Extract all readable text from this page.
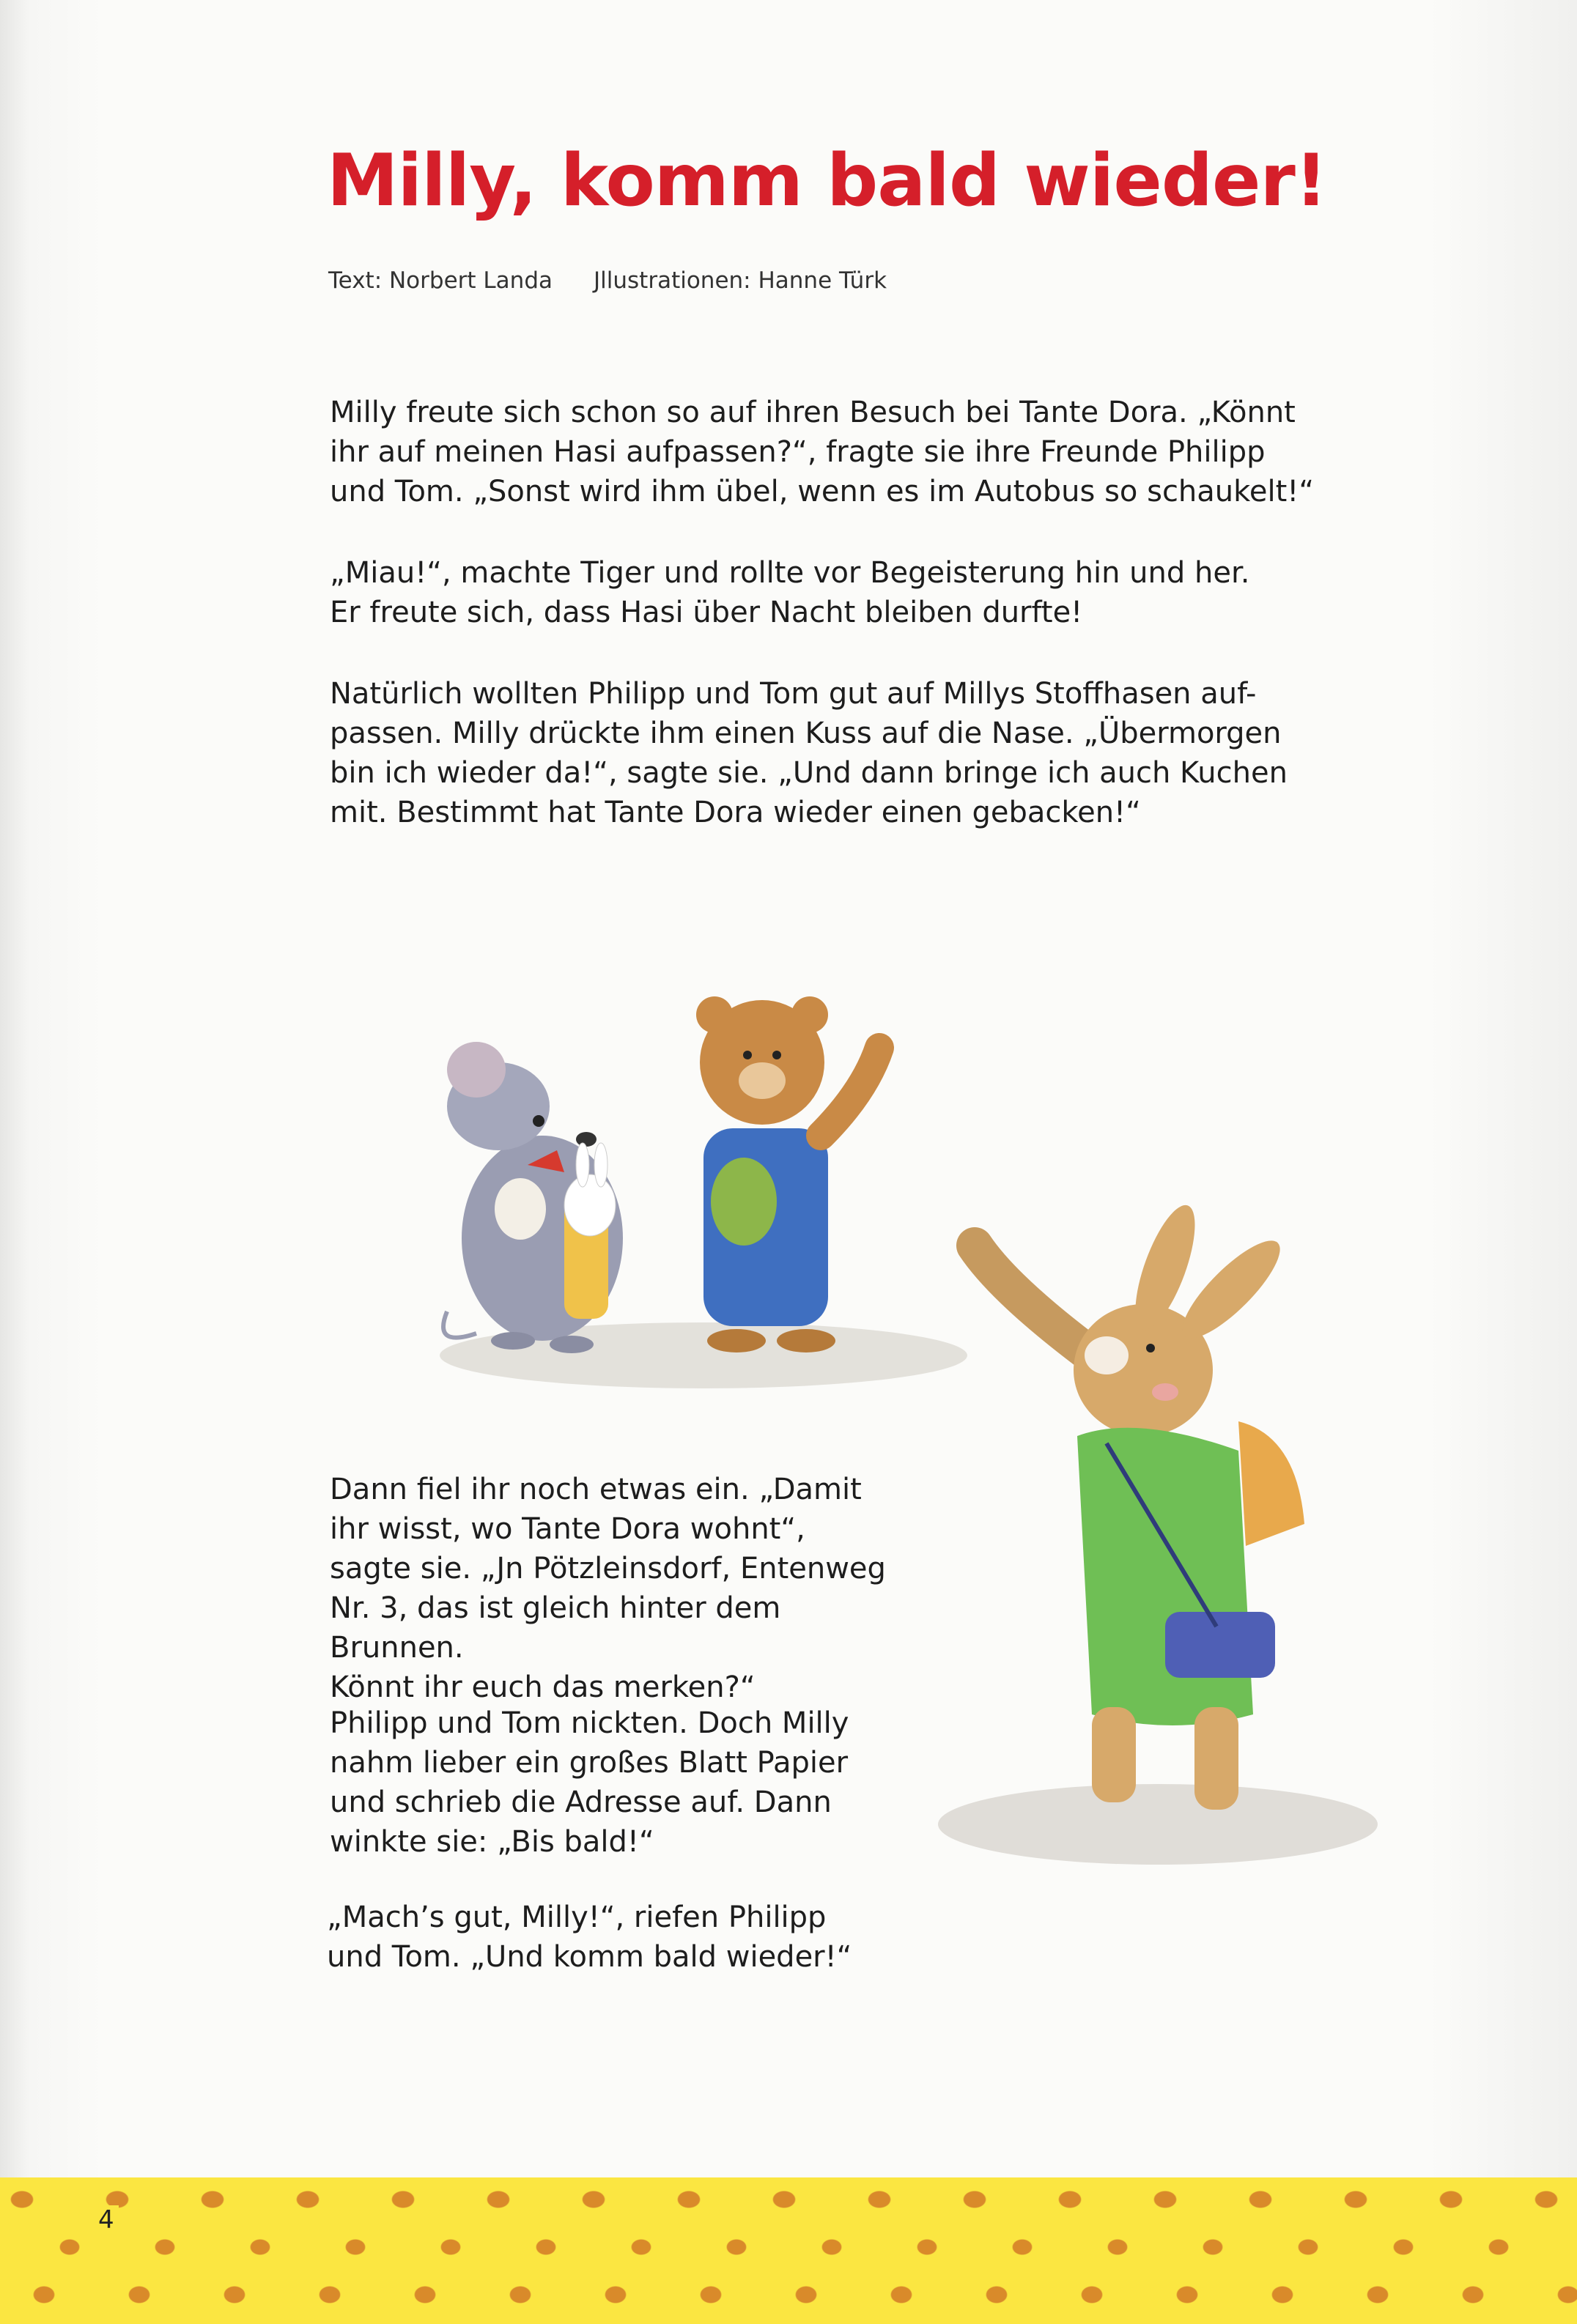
Milly, komm bald wieder!
Text: Norbert Landa Jllustrationen: Hanne Türk

Milly freute sich schon so auf ihren Besuch bei Tante Dora. „Könnt

ihr auf meinen Hasi aufpassen?“, fragte sie ihre Freunde Philipp

und Tom. „Sonst wird ihm übel, wenn es im Autobus so schaukelt!“

„Miau!“, machte Tiger und rollte vor Begeisterung hin und her.

Er freute sich, dass Hasi über Nacht bleiben durfte!

Natürlich wollten Philipp und Tom gut auf Millys Stoffhasen auf-

passen. Milly drückte ihm einen Kuss auf die Nase. „Übermorgen

bin ich wieder da!“, sagte sie. „Und dann bringe ich auch Kuchen

mit. Bestimmt hat Tante Dora wieder einen gebacken!“

Dann fiel ihr noch etwas ein. „Damit

ihr wisst, wo Tante Dora wohnt“,

sagte sie. „Jn Pötzleinsdorf, Entenweg

Nr. 3, das ist gleich hinter dem Brunnen.

Könnt ihr euch das merken?“

Philipp und Tom nickten. Doch Milly

nahm lieber ein großes Blatt Papier

und schrieb die Adresse auf. Dann

winkte sie: „Bis bald!“

„Mach’s gut, Milly!“, riefen Philipp

und Tom. „Und komm bald wieder!“

4
